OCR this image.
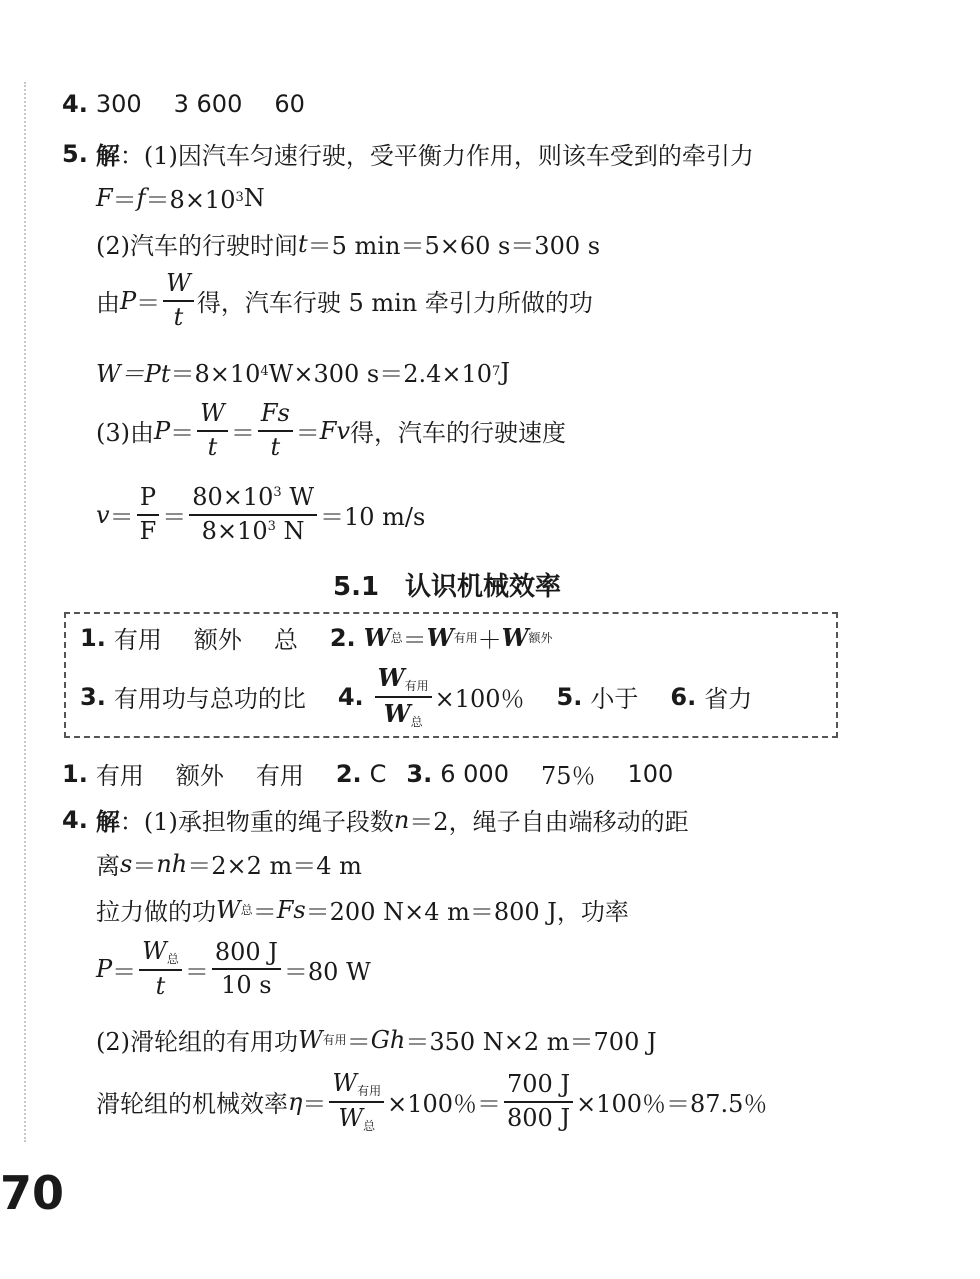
4. 300 3 600 60
5. 解 ：(1)因汽车匀速行驶，受平衡力作用，则该车受到的牵引力
F ＝ f ＝8×10 3 N
(2)汽车的行驶时间 t ＝5 min＝5×60 s＝300 s
由 $P = \frac{W}{t}$ 得，汽车行驶 5 min 牵引力所做的功
W＝Pt ＝8×10 4 W×300 s＝2.4×10 7 J
(3)由 $P = \frac{W}{t} = \frac{Fs}{t} = Fv$ 得，汽车的行驶速度
$v = \frac{P}{F} = \frac{80\times 10^3 W}{8\times 10^3 N} =10$ m/s
5.1　认识机械效率
1. 有用 额外 总 2. W 总 ＝ W 有用 ＋ W 额外
3. 有用功与总功的比 4. $\frac{W_{有用}}{W_总} \times 100$％ 5. 小于 6. 省力
1. 有用 额外 有用 2. C 3. 6 000 75％ 100
4. 解 ：(1)承担物重的绳子段数 n ＝2，绳子自由端移动的距
离 s ＝ nh ＝2×2 m＝4 m
拉力做的功 W 总 ＝ Fs ＝200 N×4 m＝800 J，功率
$P = \frac{W_总}{t} = \frac{800 J}{10 s} =80$ W
(2)滑轮组的有用功 W 有用 ＝ Gh ＝350 N×2 m＝700 J
滑轮组的机械效率 $\eta = \frac{W_{有用}}{W_总} \times 100$％＝ $\frac{700 J}{800 J} \times 100$％＝87.5％
70
